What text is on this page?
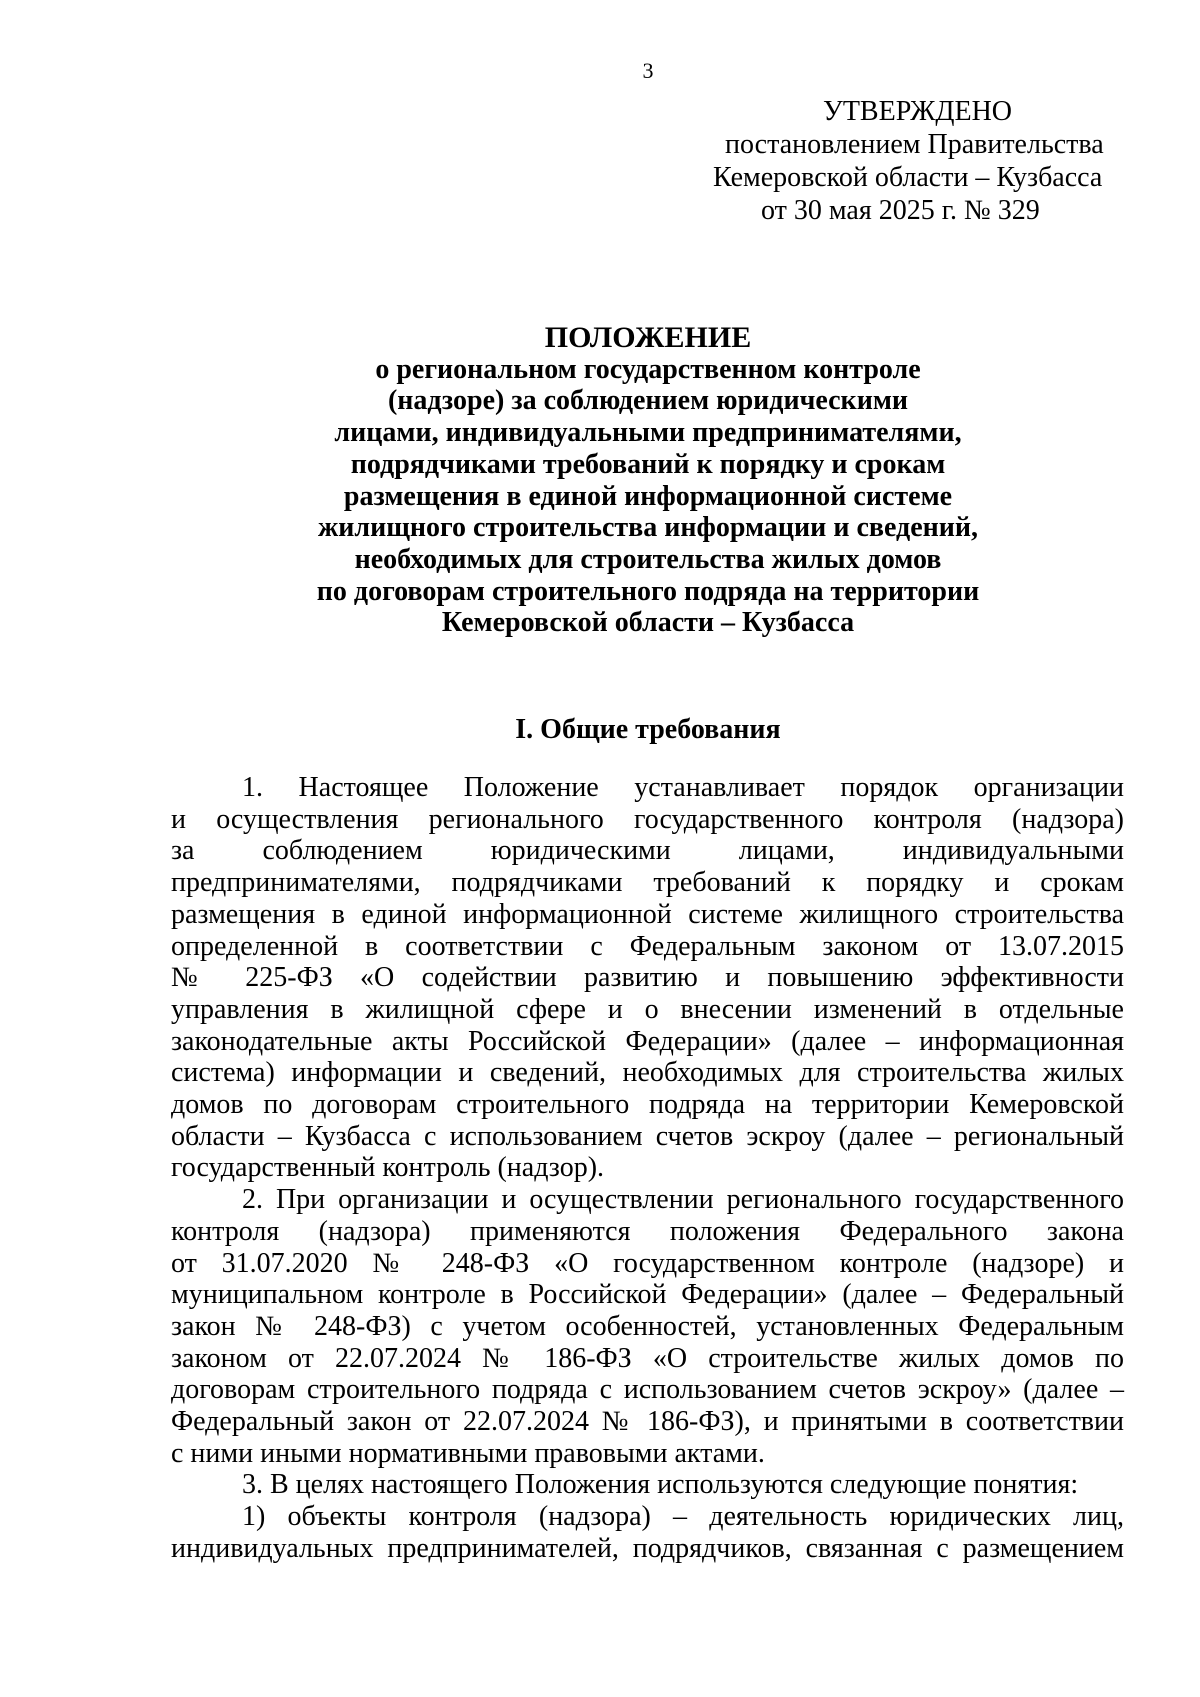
3
УТВЕРЖДЕНО
постановлением Правительства
Кемеровской области – Кузбасса
от 30 мая 2025 г. № 329
ПОЛОЖЕНИЕ
о региональном государственном контроле
(надзоре) за соблюдением юридическими
лицами, индивидуальными предпринимателями,
подрядчиками требований к порядку и срокам
размещения в единой информационной системе
жилищного строительства информации и сведений,
необходимых для строительства жилых домов
по договорам строительного подряда на территории
Кемеровской области – Кузбасса
I. Общие требования

1. Настоящее Положение устанавливает порядок организации
и осуществления регионального государственного контроля (надзора)
за соблюдением юридическими лицами, индивидуальными
предпринимателями, подрядчиками требований к порядку и срокам
размещения в единой информационной системе жилищного строительства
определенной в соответствии с Федеральным законом от 13.07.2015
№ 225-ФЗ «О содействии развитию и повышению эффективности
управления в жилищной сфере и о внесении изменений в отдельные
законодательные акты Российской Федерации» (далее – информационная
система) информации и сведений, необходимых для строительства жилых
домов по договорам строительного подряда на территории Кемеровской
области – Кузбасса с использованием счетов эскроу (далее – региональный
государственный контроль (надзор).

2. При организации и осуществлении регионального государственного
контроля (надзора) применяются положения Федерального закона
от 31.07.2020 № 248-ФЗ «О государственном контроле (надзоре) и
муниципальном контроле в Российской Федерации» (далее – Федеральный
закон № 248-ФЗ) с учетом особенностей, установленных Федеральным
законом от 22.07.2024 № 186-ФЗ «О строительстве жилых домов по
договорам строительного подряда с использованием счетов эскроу» (далее –
Федеральный закон от 22.07.2024 № 186-ФЗ), и принятыми в соответствии
с ними иными нормативными правовыми актами.

3. В целях настоящего Положения используются следующие понятия:

1) объекты контроля (надзора) – деятельность юридических лиц,
индивидуальных предпринимателей, подрядчиков, связанная с размещением
